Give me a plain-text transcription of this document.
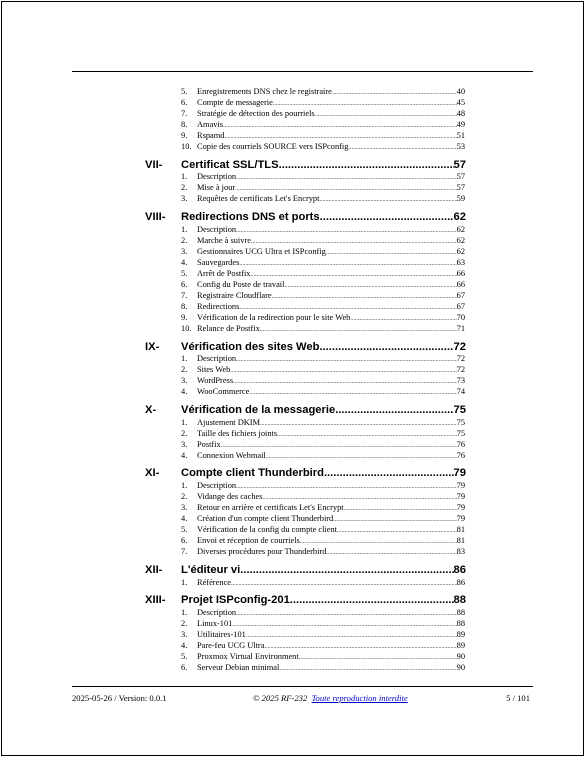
5.	Enregistrements DNS chez le registraire .....	40
6.	Compte de messagerie .....	45
7.	Stratégie de détection des pourriels .....	48
8.	Amavis .....	49
9.	Rspamd .....	51
10. Copie des courriels SOURCE vers ISPconfig .....	53
VII-	Certificat SSL/TLS .....	57
1.	Description .....	57
2.	Mise à jour .....	57
3.	Requêtes de certificats Let's Encrypt .....	59
VIII-	Redirections DNS et ports .....	62
1.	Description .....	62
2.	Marche à suivre .....	62
3.	Gestionnaires UCG Ultra et ISPconfig .....	62
4.	Sauvegardes .....	63
5.	Arrêt de Postfix .....	66
6.	Config du Poste de travail .....	66
7.	Registraire Cloudflare .....	67
8.	Redirections .....	67
9.	Vérification de la redirection pour le site Web .....	70
10. Relance de Postfix .....	71
IX-	Vérification des sites Web .....	72
1.	Description .....	72
2.	Sites Web .....	72
3.	WordPress .....	73
4.	WooCommerce .....	74
X-	Vérification de la messagerie .....	75
1.	Ajustement DKIM .....	75
2.	Taille des fichiers joints .....	75
3.	Postfix .....	76
4.	Connexion Webmail .....	76
XI-	Compte client Thunderbird .....	79
1.	Description .....	79
2.	Vidange des caches .....	79
3.	Retour en arrière et certificats Let's Encrypt .....	79
4.	Création d'un compte client Thunderbird .....	79
5.	Vérification de la config du compte client .....	81
6.	Envoi et réception de courriels .....	81
7.	Diverses procédures pour Thunderbird .....	83
XII-	L'éditeur vi .....	86
1.	Référence .....	86
XIII-	Projet ISPconfig-201 .....	88
1.	Description .....	88
2.	Linux-101 .....	88
3.	Utilitaires-101 .....	89
4.	Pare-feu UCG Ultra .....	89
5.	Proxmox Virtual Environment .....	90
6.	Serveur Debian minimal .....	90
2025-05-26 / Version: 0.0.1	© 2025 RF-232 Toute reproduction interdite	5 / 101
